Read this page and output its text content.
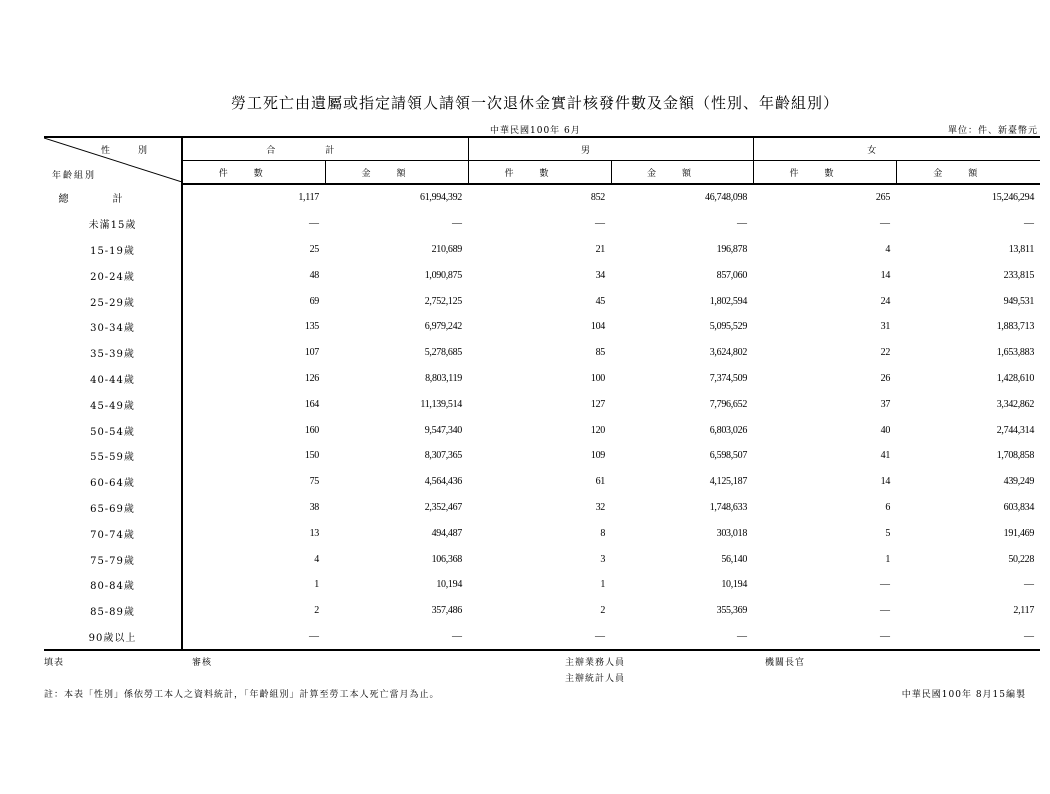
勞工死亡由遺屬或指定請領人請領一次退休金實計核發件數及金額（性別、年齡組別）
中華民國100年 6月	單位：件、新臺幣元
性別
年齡組別	合計		男		女	
	件數	金額	件數	金額	件數	金額
總計	1,117	61,994,392	852	46,748,098	265	15,246,294
未滿15歲	—	—	—	—	—	—
15-19歲	25	210,689	21	196,878	4	13,811
20-24歲	48	1,090,875	34	857,060	14	233,815
25-29歲	69	2,752,125	45	1,802,594	24	949,531
30-34歲	135	6,979,242	104	5,095,529	31	1,883,713
35-39歲	107	5,278,685	85	3,624,802	22	1,653,883
40-44歲	126	8,803,119	100	7,374,509	26	1,428,610
45-49歲	164	11,139,514	127	7,796,652	37	3,342,862
50-54歲	160	9,547,340	120	6,803,026	40	2,744,314
55-59歲	150	8,307,365	109	6,598,507	41	1,708,858
60-64歲	75	4,564,436	61	4,125,187	14	439,249
65-69歲	38	2,352,467	32	1,748,633	6	603,834
70-74歲	13	494,487	8	303,018	5	191,469
75-79歲	4	106,368	3	56,140	1	50,228
80-84歲	1	10,194	1	10,194	—	—
85-89歲	2	357,486	2	355,369	—	2,117
90歲以上	—	—	—	—	—	—
填表	審核	主辦業務人員
主辦統計人員
機關長官
註：本表「性別」係依勞工本人之資料統計，「年齡組別」計算至勞工本人死亡當月為止。	中華民國100年 8月15編製
